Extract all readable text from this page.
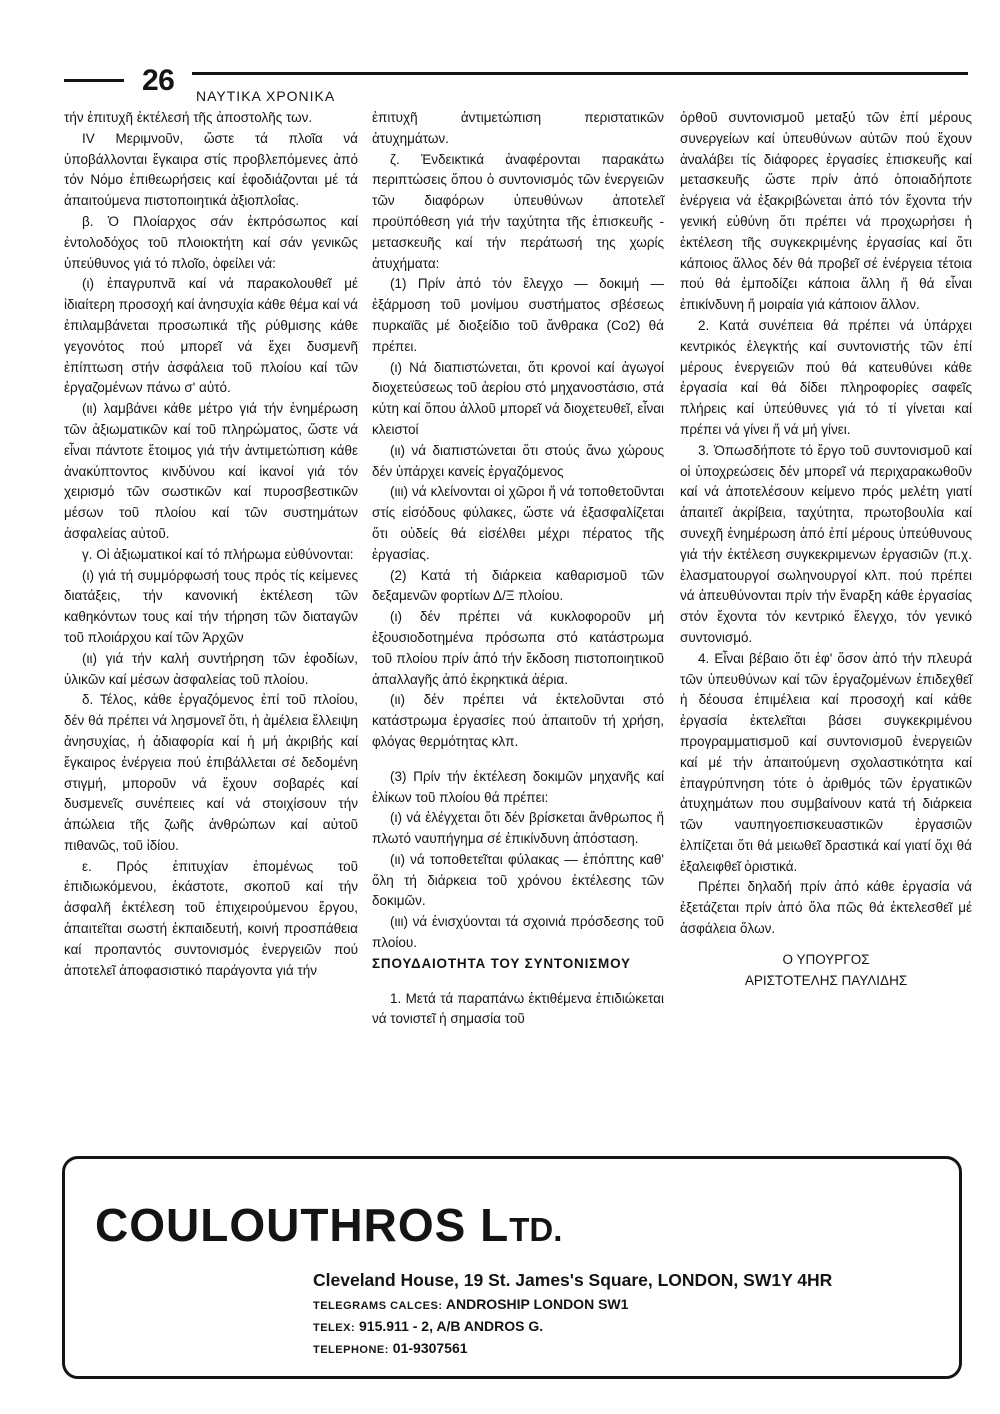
26 ΝΑΥΤΙΚΑ ΧΡΟΝΙΚΑ

τήν ἐπιτυχῆ ἐκτέλεσή τῆς ἀποστολῆς των.

IV Μεριμνοῦν, ὥστε τά πλοῖα νά ὑποβάλλονται ἔγκαιρα στίς προβλεπόμενες ἀπό τόν Νόμο ἐπιθεωρήσεις καί ἐφοδιάζονται μέ τά ἀπαιτούμενα πιστοποιητικά ἀξιοπλοΐας.

β. Ὁ Πλοίαρχος σάν ἐκπρόσωπος καί ἐντολοδόχος τοῦ πλοιοκτήτη καί σάν γενικῶς ὑπεύθυνος γιά τό πλοῖο, ὀφείλει νά:

(ι) ἐπαγρυπνᾶ καί νά παρακολουθεῖ μέ ἰδιαίτερη προσοχή καί ἀνησυχία κάθε θέμα καί νά ἐπιλαμβάνεται προσωπικά τῆς ρύθμισης κάθε γεγονότος πού μπορεῖ νά ἔχει δυσμενῆ ἐπίπτωση στήν ἀσφάλεια τοῦ πλοίου καί τῶν ἐργαζομένων πάνω σ' αὐτό.

(ιι) λαμβάνει κάθε μέτρο γιά τήν ἐνημέρωση τῶν ἀξιωματικῶν καί τοῦ πληρώματος, ὥστε νά εἶναι πάντοτε ἕτοιμος γιά τήν ἀντιμετώπιση κάθε ἀνακύπτοντος κινδύνου καί ἱκανοί γιά τόν χειρισμό τῶν σωστικῶν καί πυροσβεστικῶν μέσων τοῦ πλοίου καί τῶν συστημάτων ἀσφαλείας αὐτοῦ.

γ. Οἱ ἀξιωματικοί καί τό πλήρωμα εὐθύνονται:

(ι) γιά τή συμμόρφωσή τους πρός τίς κείμενες διατάξεις, τήν κανονική ἐκτέλεση τῶν καθηκόντων τους καί τήν τήρηση τῶν διαταγῶν τοῦ πλοιάρχου καί τῶν Ἀρχῶν

(ιι) γιά τήν καλή συντήρηση τῶν ἐφοδίων, ὑλικῶν καί μέσων ἀσφαλείας τοῦ πλοίου.

δ. Τέλος, κάθε ἐργαζόμενος ἐπί τοῦ πλοίου, δέν θά πρέπει νά λησμονεῖ ὅτι, ἡ ἀμέλεια ἔλλειψη ἀνησυχίας, ἡ ἀδιαφορία καί ἡ μή ἀκριβής καί ἔγκαιρος ἐνέργεια πού ἐπιβάλλεται σέ δεδομένη στιγμή, μποροῦν νά ἔχουν σοβαρές καί δυσμενεῖς συνέπειες καί νά στοιχίσουν τήν ἀπώλεια τῆς ζωῆς ἀνθρώπων καί αὐτοῦ πιθανῶς, τοῦ ἰδίου.

ε. Πρός ἐπιτυχίαν ἑπομένως τοῦ ἐπιδιωκόμενου, ἑκάστοτε, σκοποῦ καί τήν ἀσφαλῆ ἐκτέλεση τοῦ ἐπιχειρούμενου ἔργου, ἀπαιτεῖται σωστή ἐκπαιδευτή, κοινή προσπάθεια καί προπαντός συντονισμός ἐνεργειῶν πού ἀποτελεῖ ἀποφασιστικό παράγοντα γιά τήν

ἐπιτυχῆ ἀντιμετώπιση περιστατικῶν ἀτυχημάτων.

ζ. Ἐνδεικτικά ἀναφέρονται παρακάτω περιπτώσεις ὅπου ὁ συντονισμός τῶν ἐνεργειῶν τῶν διαφόρων ὑπευθύνων ἀποτελεῖ προϋπόθεση γιά τήν ταχύτητα τῆς ἐπισκευῆς - μετασκευῆς καί τήν περάτωσή της χωρίς ἀτυχήματα:

(1) Πρίν ἀπό τόν ἔλεγχο — δοκιμή — ἐξάρμοση τοῦ μονίμου συστήματος σβέσεως πυρκαϊᾶς μέ διοξείδιο τοῦ ἄνθρακα (Co2) θά πρέπει.

(ι) Νά διαπιστώνεται, ὅτι κρονοί καί ἀγωγοί διοχετεύσεως τοῦ ἀερίου στό μηχανοστάσιο, στά κύτη καί ὅπου ἀλλοῦ μπορεῖ νά διοχετευθεῖ, εἶναι κλειστοί

(ιι) νά διαπιστώνεται ὅτι στούς ἄνω χώρους δέν ὑπάρχει κανείς ἐργαζόμενος

(ιιι) νά κλείνονται οἱ χῶροι ἤ νά τοποθετοῦνται στίς εἰσόδους φύλακες, ὥστε νά ἐξασφαλίζεται ὅτι οὐδείς θά εἰσέλθει μέχρι πέρατος τῆς ἐργασίας.

(2) Κατά τή διάρκεια καθαρισμοῦ τῶν δεξαμενῶν φορτίων Δ/Ξ πλοίου.

(ι) δέν πρέπει νά κυκλοφοροῦν μή ἐξουσιοδοτημένα πρόσωπα στό κατάστρωμα τοῦ πλοίου πρίν ἀπό τήν ἔκδοση πιστοποιητικοῦ ἀπαλλαγῆς ἀπό ἐκρηκτικά ἀέρια.

(ιι) δέν πρέπει νά ἐκτελοῦνται στό κατάστρωμα ἐργασίες πού ἀπαιτοῦν τή χρήση, φλόγας θερμότητας κλπ.

(3) Πρίν τήν ἐκτέλεση δοκιμῶν μηχανῆς καί ἐλίκων τοῦ πλοίου θά πρέπει:

(ι) νά ἐλέγχεται ὅτι δέν βρίσκεται ἄνθρωπος ἤ πλωτό ναυπήγημα σέ ἐπικίνδυνη ἀπόσταση.

(ιι) νά τοποθετεῖται φύλακας — ἐπόπτης καθ' ὅλη τή διάρκεια τοῦ χρόνου ἐκτέλεσης τῶν δοκιμῶν.

(ιιι) νά ἐνισχύονται τά σχοινιά πρόσδεσης τοῦ πλοίου.

ΣΠΟΥΔΑΙΟΤΗΤΑ ΤΟΥ ΣΥΝΤΟΝΙΣΜΟΥ

1. Μετά τά παραπάνω ἐκτιθέμενα ἐπιδιώκεται νά τονιστεῖ ἡ σημασία τοῦ

ὀρθοῦ συντονισμοῦ μεταξύ τῶν ἐπί μέρους συνεργείων καί ὑπευθύνων αὐτῶν πού ἔχουν ἀναλάβει τίς διάφορες ἐργασίες ἐπισκευῆς καί μετασκευῆς ὥστε πρίν ἀπό ὁποιαδήποτε ἐνέργεια νά ἐξακριβώνεται ἀπό τόν ἔχοντα τήν γενική εὐθύνη ὅτι πρέπει νά προχωρήσει ἡ ἐκτέλεση τῆς συγκεκριμένης ἐργασίας καί ὅτι κάποιος ἄλλος δέν θά προβεῖ σέ ἐνέργεια τέτοια πού θά ἐμποδίζει κάποια ἄλλη ἤ θά εἶναι ἐπικίνδυνη ἤ μοιραία γιά κάποιον ἄλλον.

2. Κατά συνέπεια θά πρέπει νά ὑπάρχει κεντρικός ἐλεγκτής καί συντονιστής τῶν ἐπί μέρους ἐνεργειῶν πού θά κατευθύνει κάθε ἐργασία καί θά δίδει πληροφορίες σαφεῖς πλήρεις καί ὑπεύθυνες γιά τό τί γίνεται καί πρέπει νά γίνει ἤ νά μή γίνει.

3. Ὁπωσδήποτε τό ἔργο τοῦ συντονισμοῦ καί οἱ ὑποχρεώσεις δέν μπορεῖ νά περιχαρακωθοῦν καί νά ἀποτελέσουν κείμενο πρός μελέτη γιατί ἀπαιτεῖ ἀκρίβεια, ταχύτητα, πρωτοβουλία καί συνεχῆ ἐνημέρωση ἀπό ἐπί μέρους ὑπεύθυνους γιά τήν ἐκτέλεση συγκεκριμενων ἐργασιῶν (π.χ. ἐλασματουργοί σωληνουργοί κλπ. πού πρέπει νά ἀπευθύνονται πρίν τήν ἔναρξη κάθε ἐργασίας στόν ἔχοντα τόν κεντρικό ἔλεγχο, τόν γενικό συντονισμό.

4. Εἶναι βέβαιο ὅτι ἐφ' ὅσον ἀπό τήν πλευρά τῶν ὑπευθύνων καί τῶν ἐργαζομένων ἐπιδεχθεῖ ἡ δέουσα ἐπιμέλεια καί προσοχή καί κάθε ἐργασία ἐκτελεῖται βάσει συγκεκριμένου προγραμματισμοῦ καί συντονισμοῦ ἐνεργειῶν καί μέ τήν ἀπαιτούμενη σχολαστικότητα καί ἐπαγρύπνηση τότε ὁ ἀριθμός τῶν ἐργατικῶν ἀτυχημάτων που συμβαίνουν κατά τή διάρκεια τῶν ναυπηγοεπισκευαστικῶν ἐργασιῶν ἐλπίζεται ὅτι θά μειωθεῖ δραστικά καί γιατί ὄχι θά ἐξαλειφθεῖ ὁριστικά.

Πρέπει δηλαδή πρίν ἀπό κάθε ἐργασία νά ἐξετάζεται πρίν ἀπό ὅλα πῶς θά ἐκτελεσθεῖ μέ ἀσφάλεια ὅλων.

Ο ΥΠΟΥΡΓΟΣ
ΑΡΙΣΤΟΤΕΛΗΣ ΠΑΥΛΙΔΗΣ
COULOUTHROS LTD.
Cleveland House, 19 St. James's Square, LONDON, SW1Y 4HR
TELEGRAMS CALCES: ANDROSHIP LONDON SW1
TELEX: 915.911 - 2, A/B ANDROS G.
TELEPHONE: 01-9307561
